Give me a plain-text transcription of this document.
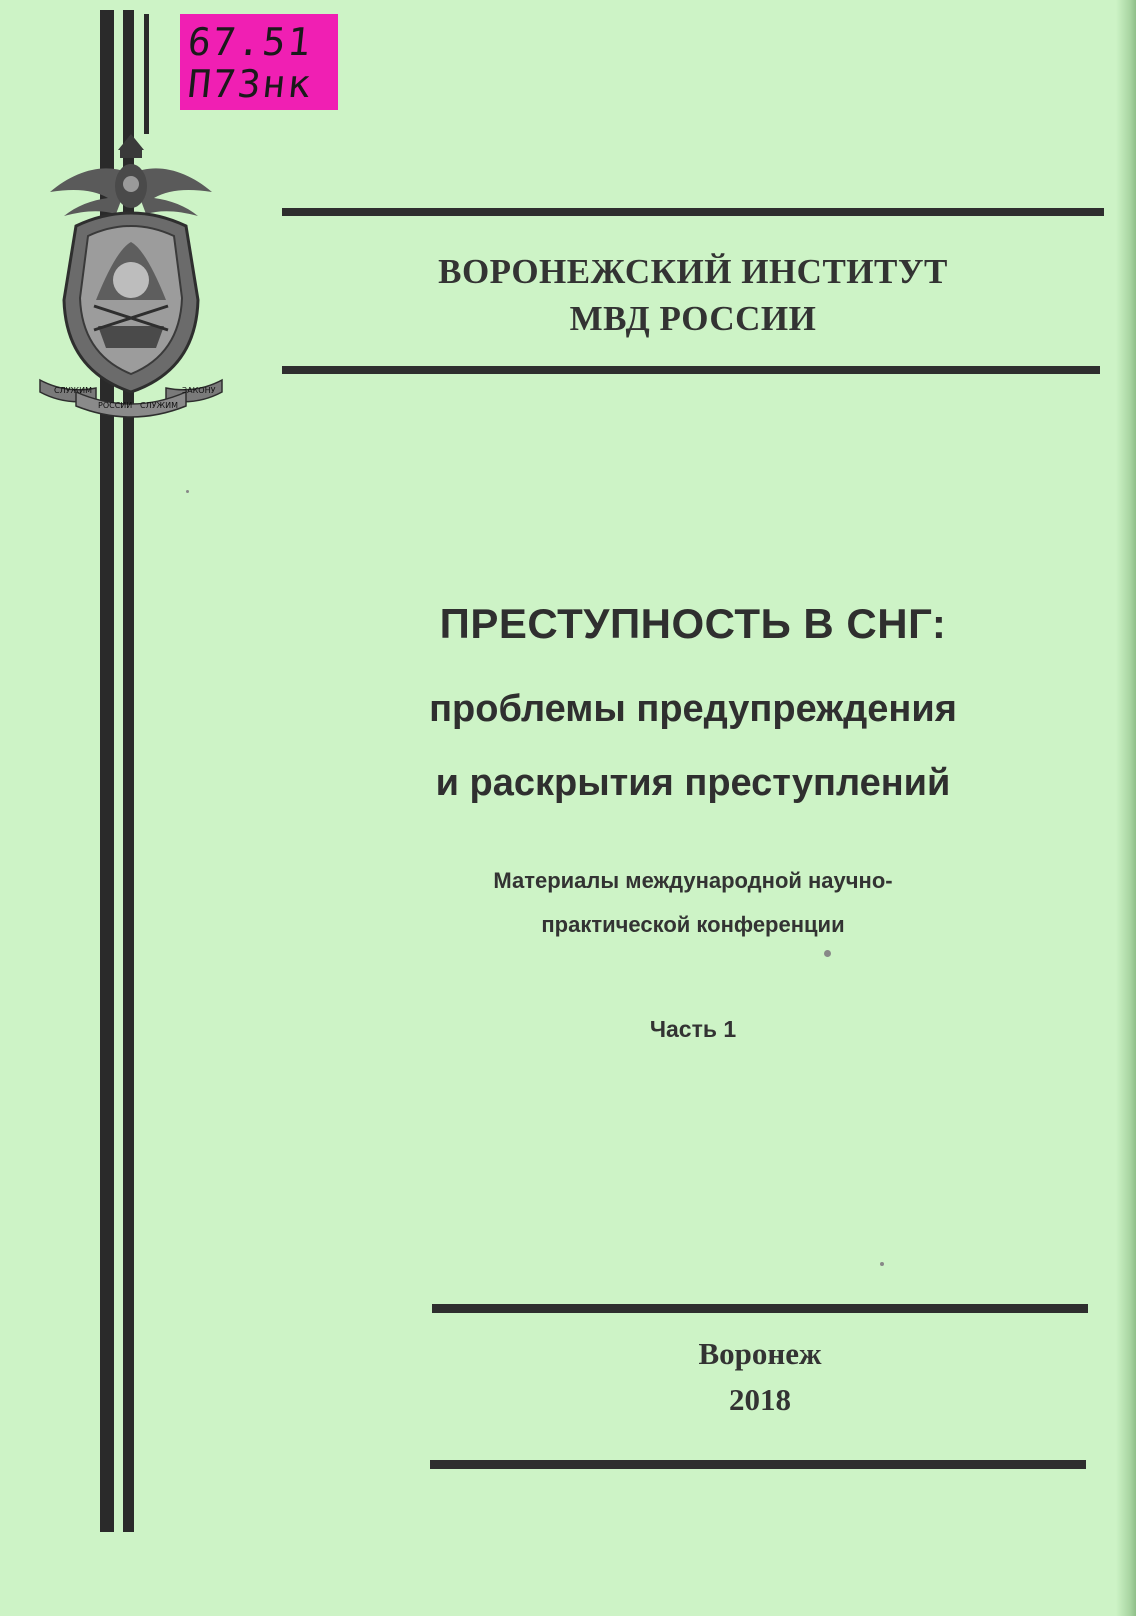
67.51
П73нк
СЛУЖИМ
РОССИИ СЛУЖИМ
ЗАКОНУ
ВОРОНЕЖСКИЙ ИНСТИТУТ
МВД РОССИИ
ПРЕСТУПНОСТЬ В СНГ:
проблемы предупреждения
и раскрытия преступлений
Материалы международной научно-
практической конференции
Часть 1
Воронеж
2018
